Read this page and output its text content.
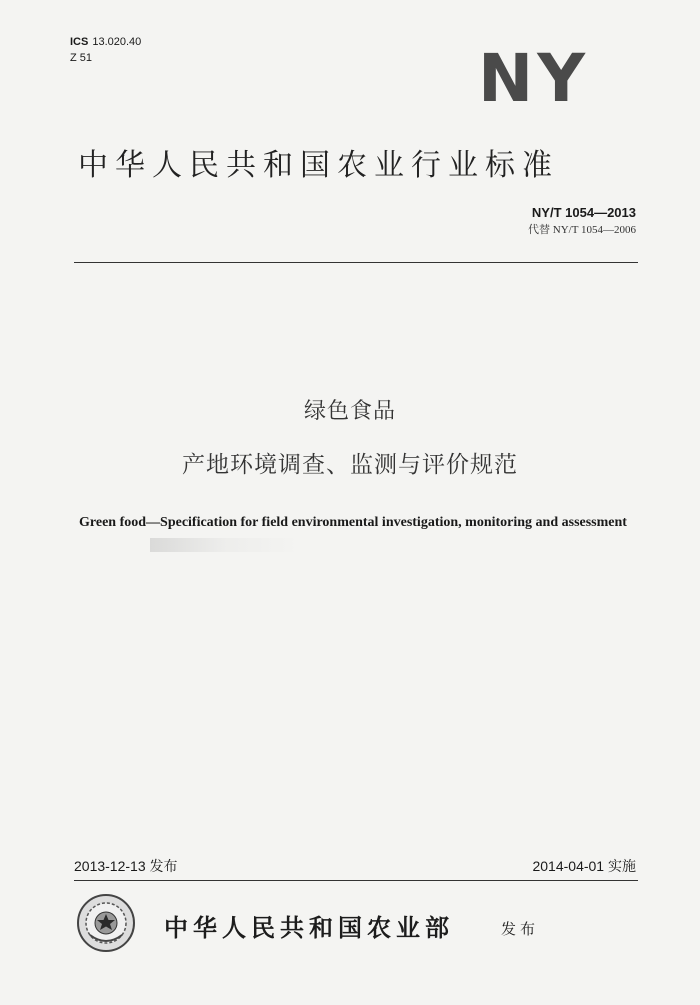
ICS 13.020.40
Z 51	NY
中华人民共和国农业行业标准
NY/T 1054—2013
代替 NY/T 1054—2006
绿色食品
产地环境调查、监测与评价规范
Green food—Specification for field environmental investigation, monitoring and assessment
2013-12-13 发布	2014-04-01 实施
中华人民共和国农业部	发布
